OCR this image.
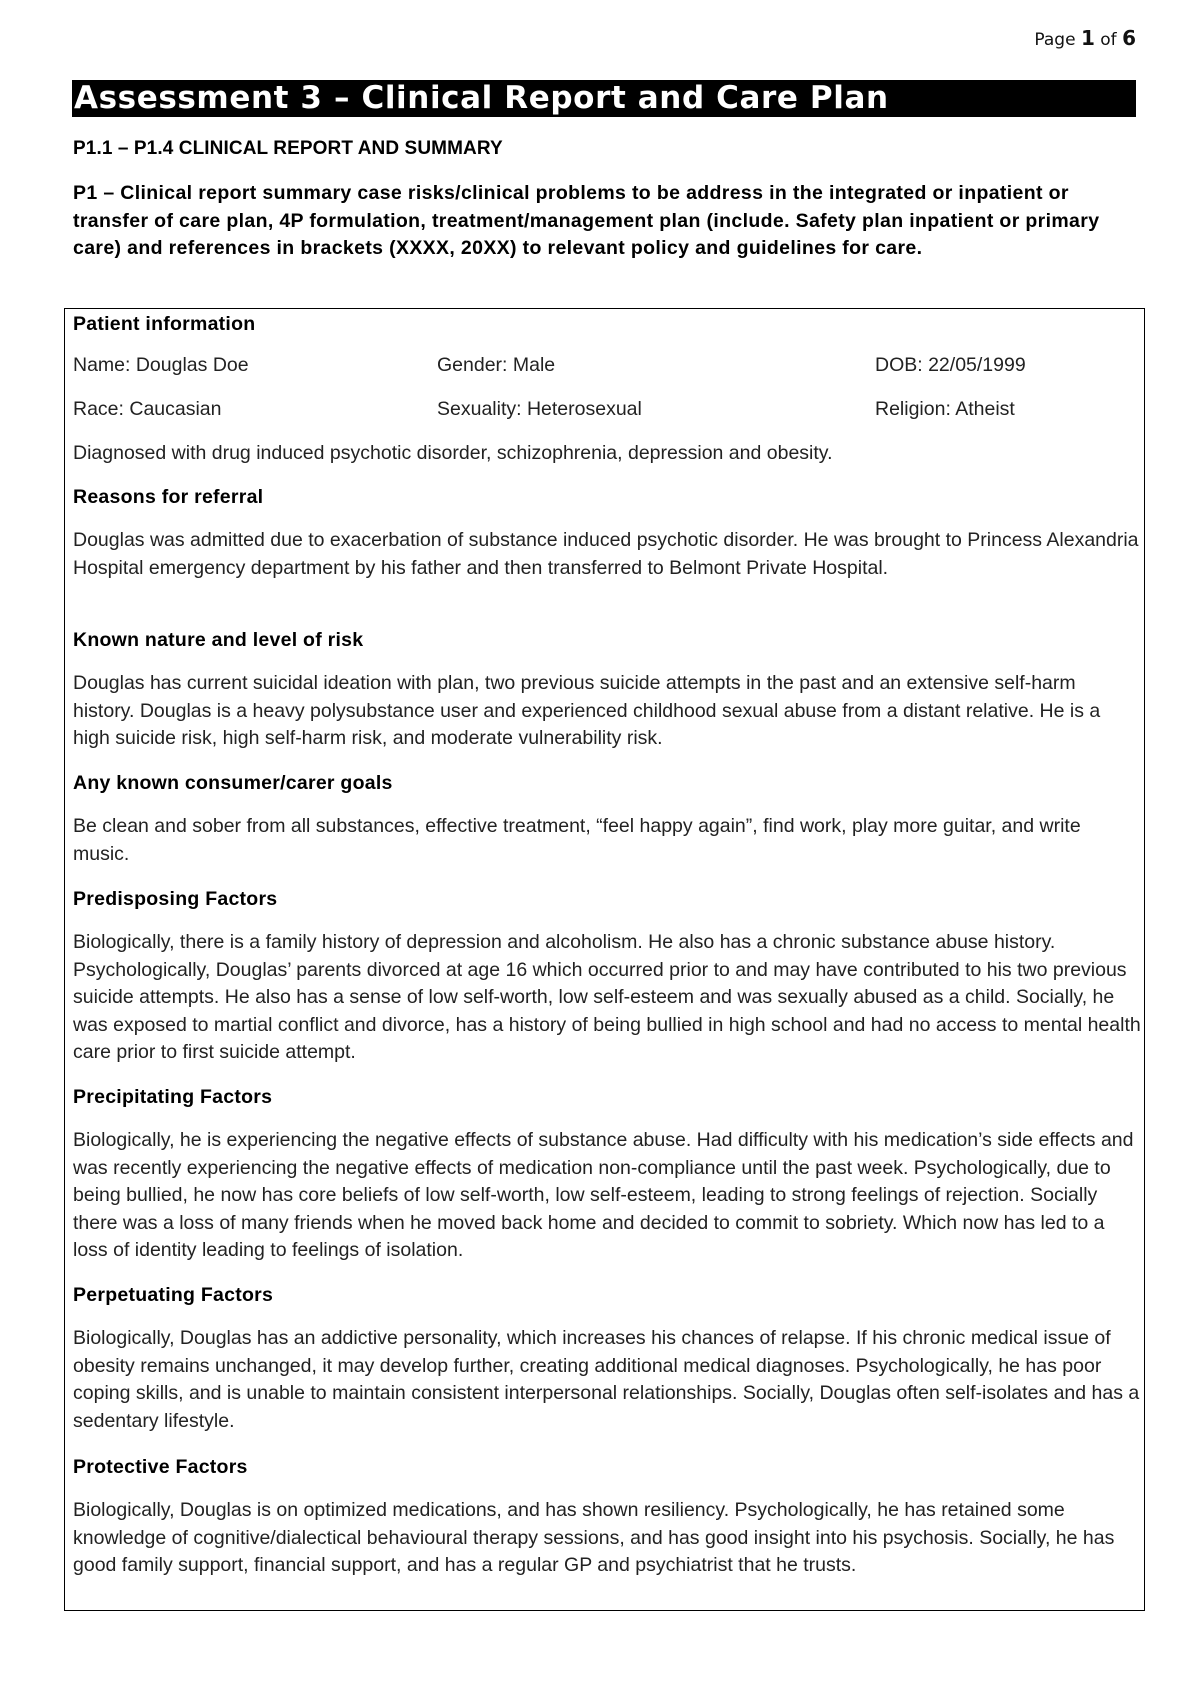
Page 1 of 6
Assessment 3 – Clinical Report and Care Plan
P1.1 – P1.4 CLINICAL REPORT AND SUMMARY

P1 – Clinical report summary case risks/clinical problems to be address in the integrated or inpatient or transfer of care plan, 4P formulation, treatment/management plan (include. Safety plan inpatient or primary care) and references in brackets (XXXX, 20XX) to relevant policy and guidelines for care.

Patient information
Name: Douglas Doe	Gender: Male	DOB: 22/05/1999
Race: Caucasian	Sexuality: Heterosexual	Religion: Atheist
Diagnosed with drug induced psychotic disorder, schizophrenia, depression and obesity.
Reasons for referral

Douglas was admitted due to exacerbation of substance induced psychotic disorder. He was brought to Princess Alexandria Hospital emergency department by his father and then transferred to Belmont Private Hospital.

Known nature and level of risk

Douglas has current suicidal ideation with plan, two previous suicide attempts in the past and an extensive self-harm history. Douglas is a heavy polysubstance user and experienced childhood sexual abuse from a distant relative. He is a high suicide risk, high self-harm risk, and moderate vulnerability risk.

Any known consumer/carer goals

Be clean and sober from all substances, effective treatment, “feel happy again”, find work, play more guitar, and write music.

Predisposing Factors

Biologically, there is a family history of depression and alcoholism. He also has a chronic substance abuse history. Psychologically, Douglas’ parents divorced at age 16 which occurred prior to and may have contributed to his two previous suicide attempts. He also has a sense of low self-worth, low self-esteem and was sexually abused as a child. Socially, he was exposed to martial conflict and divorce, has a history of being bullied in high school and had no access to mental health care prior to first suicide attempt.

Precipitating Factors

Biologically, he is experiencing the negative effects of substance abuse. Had difficulty with his medication’s side effects and was recently experiencing the negative effects of medication non-compliance until the past week. Psychologically, due to being bullied, he now has core beliefs of low self-worth, low self-esteem, leading to strong feelings of rejection. Socially there was a loss of many friends when he moved back home and decided to commit to sobriety. Which now has led to a loss of identity leading to feelings of isolation.

Perpetuating Factors

Biologically, Douglas has an addictive personality, which increases his chances of relapse. If his chronic medical issue of obesity remains unchanged, it may develop further, creating additional medical diagnoses. Psychologically, he has poor coping skills, and is unable to maintain consistent interpersonal relationships. Socially, Douglas often self-isolates and has a sedentary lifestyle.

Protective Factors

Biologically, Douglas is on optimized medications, and has shown resiliency. Psychologically, he has retained some knowledge of cognitive/dialectical behavioural therapy sessions, and has good insight into his psychosis. Socially, he has good family support, financial support, and has a regular GP and psychiatrist that he trusts.
